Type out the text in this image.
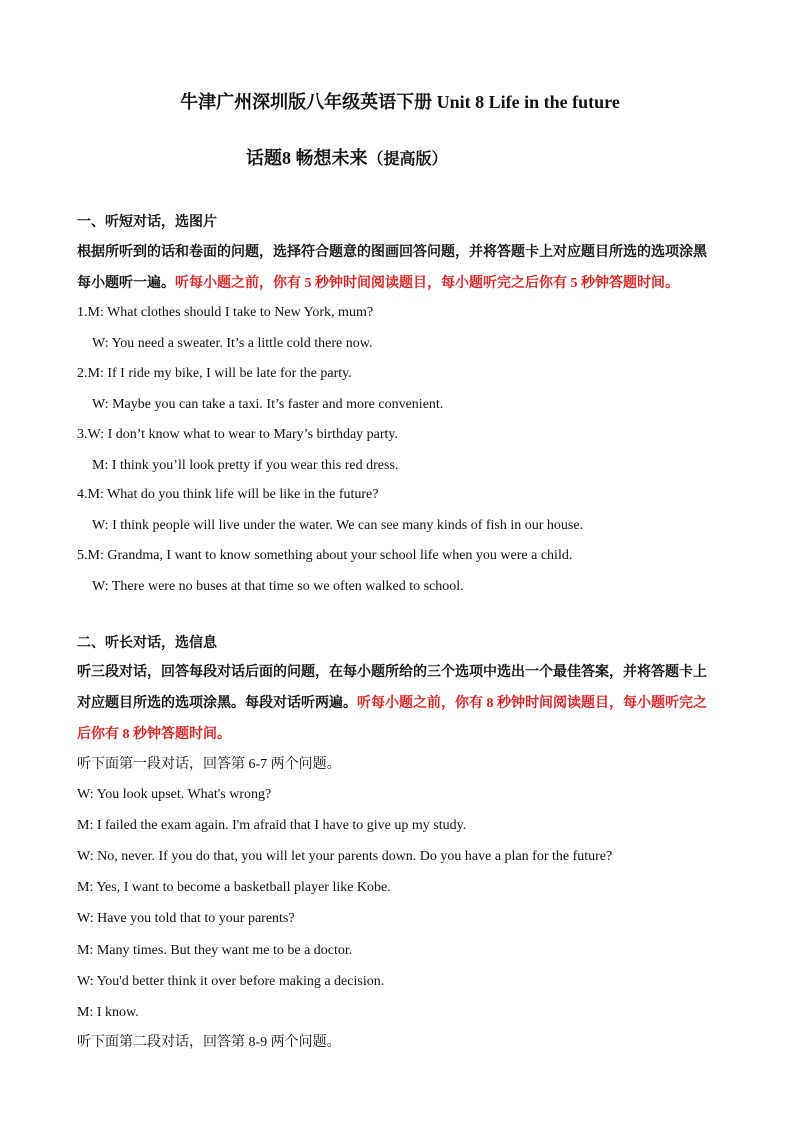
牛津广州深圳版八年级英语下册 Unit 8 Life in the future
话题8 畅想未来（提高版）
一、听短对话，选图片
根据所听到的话和卷面的问题，选择符合题意的图画回答问题，并将答题卡上对应题目所选的选项涂黑
每小题听一遍。听每小题之前，你有 5 秒钟时间阅读题目，每小题听完之后你有 5 秒钟答题时间。
1.M: What clothes should I take to New York, mum?
W: You need a sweater. It’s a little cold there now.
2.M: If I ride my bike, I will be late for the party.
W: Maybe you can take a taxi. It’s faster and more convenient.
3.W: I don’t know what to wear to Mary’s birthday party.
M: I think you’ll look pretty if you wear this red dress.
4.M: What do you think life will be like in the future?
W: I think people will live under the water. We can see many kinds of fish in our house.
5.M: Grandma, I want to know something about your school life when you were a child.
W: There were no buses at that time so we often walked to school.
二、听长对话，选信息
听三段对话，回答每段对话后面的问题，在每小题所给的三个选项中选出一个最佳答案，并将答题卡上
对应题目所选的选项涂黑。每段对话听两遍。听每小题之前，你有 8 秒钟时间阅读题目，每小题听完之
后你有 8 秒钟答题时间。
听下面第一段对话，回答第 6-7 两个问题。
W: You look upset. What's wrong?
M: I failed the exam again. I'm afraid that I have to give up my study.
W: No, never. If you do that, you will let your parents down. Do you have a plan for the future?
M: Yes, I want to become a basketball player like Kobe.
W: Have you told that to your parents?
M: Many times. But they want me to be a doctor.
W: You'd better think it over before making a decision.
M: I know.
听下面第二段对话，回答第 8-9 两个问题。
